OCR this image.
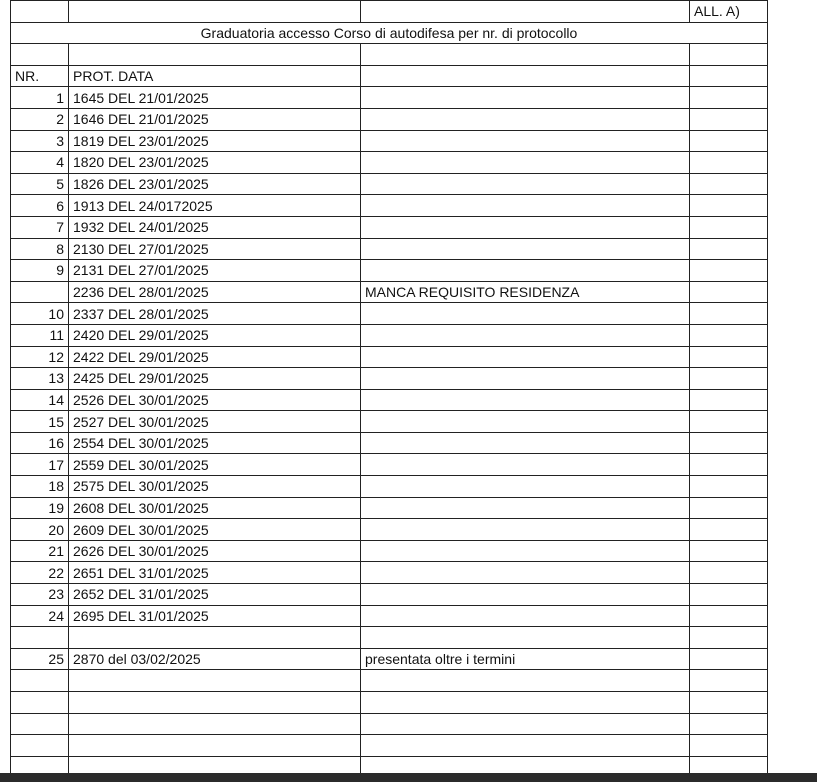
			ALL. A)
Graduatoria accesso Corso di autodifesa per nr. di protocollo			

NR.	PROT. DATA		
1	1645 DEL 21/01/2025		
2	1646 DEL 21/01/2025		
3	1819 DEL 23/01/2025		
4	1820 DEL 23/01/2025		
5	1826 DEL 23/01/2025		
6	1913 DEL 24/0172025		
7	1932 DEL 24/01/2025		
8	2130 DEL 27/01/2025		
9	2131 DEL 27/01/2025		
	2236 DEL 28/01/2025	MANCA REQUISITO RESIDENZA	
10	2337 DEL 28/01/2025		
11	2420 DEL 29/01/2025		
12	2422 DEL 29/01/2025		
13	2425 DEL 29/01/2025		
14	2526 DEL 30/01/2025		
15	2527 DEL 30/01/2025		
16	2554 DEL 30/01/2025		
17	2559 DEL 30/01/2025		
18	2575 DEL 30/01/2025		
19	2608 DEL 30/01/2025		
20	2609 DEL 30/01/2025		
21	2626 DEL 30/01/2025		
22	2651 DEL 31/01/2025		
23	2652 DEL 31/01/2025		
24	2695 DEL 31/01/2025		

25	2870 del 03/02/2025	presentata oltre i termini	
